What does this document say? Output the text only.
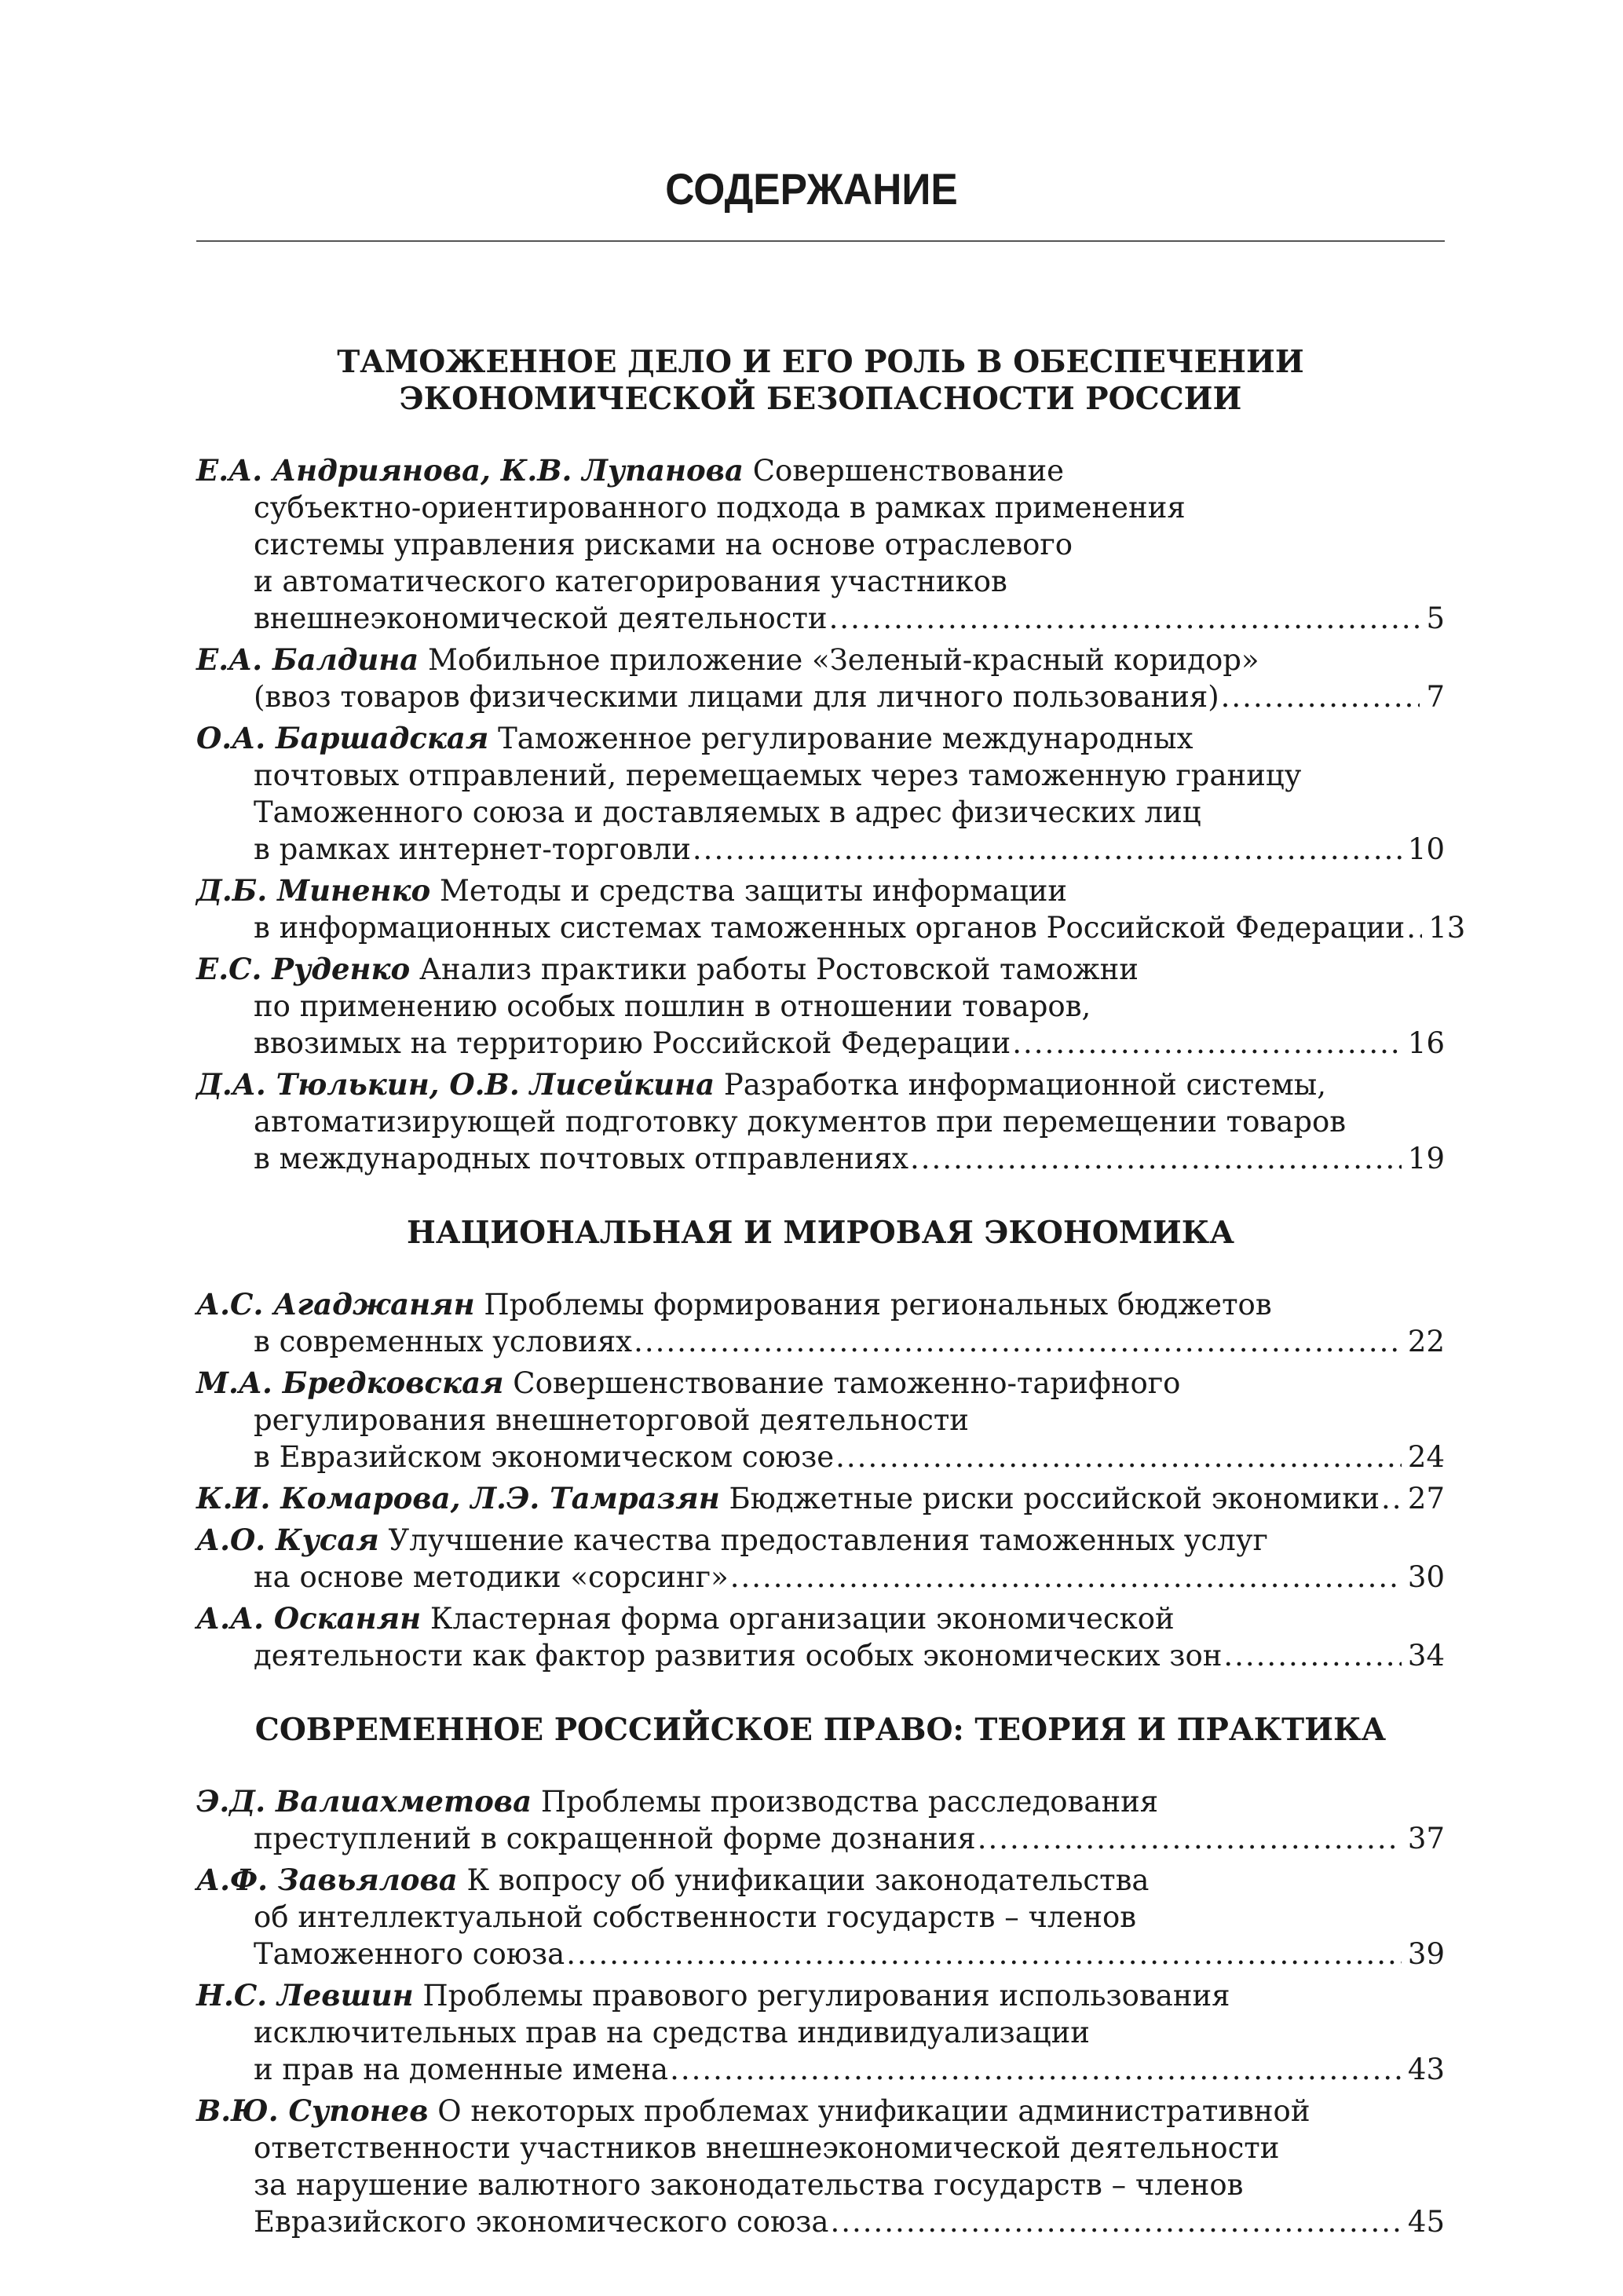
СОДЕРЖАНИЕ
ТАМОЖЕННОЕ ДЕЛО И ЕГО РОЛЬ В ОБЕСПЕЧЕНИИ
ЭКОНОМИЧЕСКОЙ БЕЗОПАСНОСТИ РОССИИ
Е.А. Андриянова, К.В. Лупанова Совершенствование
субъектно-ориентированного подхода в рамках применения
системы управления рисками на основе отраслевого
и автоматического категорирования участников
внешнеэкономической деятельности .....	5
Е.А. Балдина Мобильное приложение «Зеленый-красный коридор»
(ввоз товаров физическими лицами для личного пользования) .....	7
О.А. Баршадская Таможенное регулирование международных
почтовых отправлений, перемещаемых через таможенную границу
Таможенного союза и доставляемых в адрес физических лиц
в рамках интернет-торговли .....	10
Д.Б. Миненко Методы и средства защиты информации
в информационных системах таможенных органов Российской Федерации ..... 13
Е.С. Руденко Анализ практики работы Ростовской таможни
по применению особых пошлин в отношении товаров,
ввозимых на территорию Российской Федерации .....	16
Д.А. Тюлькин, О.В. Лисейкина Разработка информационной системы,
автоматизирующей подготовку документов при перемещении товаров
в международных почтовых отправлениях .....	19
НАЦИОНАЛЬНАЯ И МИРОВАЯ ЭКОНОМИКА
А.С. Агаджанян Проблемы формирования региональных бюджетов
в современных условиях .....	22
М.А. Бредковская Совершенствование таможенно-тарифного
регулирования внешнеторговой деятельности
в Евразийском экономическом союзе .....	24
К.И. Комарова, Л.Э. Тамразян Бюджетные риски российской экономики ..... 27
А.О. Кусая Улучшение качества предоставления таможенных услуг
на основе методики «сорсинг» .....	30
А.А. Осканян Кластерная форма организации экономической
деятельности как фактор развития особых экономических зон .....	34
СОВРЕМЕННОЕ РОССИЙСКОЕ ПРАВО: ТЕОРИЯ И ПРАКТИКА
Э.Д. Валиахметова Проблемы производства расследования
преступлений в сокращенной форме дознания .....	37
А.Ф. Завьялова К вопросу об унификации законодательства
об интеллектуальной собственности государств – членов
Таможенного союза .....	39
Н.С. Левшин Проблемы правового регулирования использования
исключительных прав на средства индивидуализации
и прав на доменные имена .....	43
В.Ю. Супонев О некоторых проблемах унификации административной
ответственности участников внешнеэкономической деятельности
за нарушение валютного законодательства государств – членов
Евразийского экономического союза .....	45
